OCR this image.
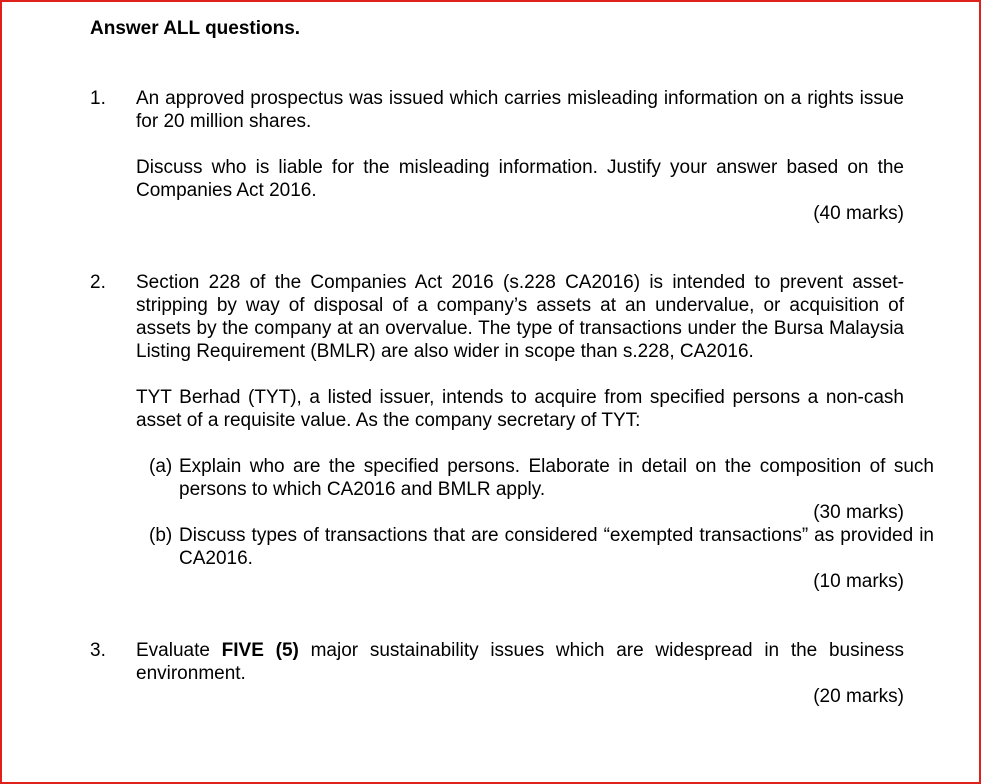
Answer ALL questions.
1. An approved prospectus was issued which carries misleading information on a rights issue for 20 million shares.
Discuss who is liable for the misleading information. Justify your answer based on the Companies Act 2016.
(40 marks)
2. Section 228 of the Companies Act 2016 (s.228 CA2016) is intended to prevent asset-stripping by way of disposal of a company’s assets at an undervalue, or acquisition of assets by the company at an overvalue. The type of transactions under the Bursa Malaysia Listing Requirement (BMLR) are also wider in scope than s.228, CA2016.
TYT Berhad (TYT), a listed issuer, intends to acquire from specified persons a non-cash asset of a requisite value. As the company secretary of TYT:
(a) Explain who are the specified persons. Elaborate in detail on the composition of such persons to which CA2016 and BMLR apply.
(30 marks)
(b) Discuss types of transactions that are considered “exempted transactions” as provided in CA2016.
(10 marks)
3. Evaluate FIVE (5) major sustainability issues which are widespread in the business environment.
(20 marks)
